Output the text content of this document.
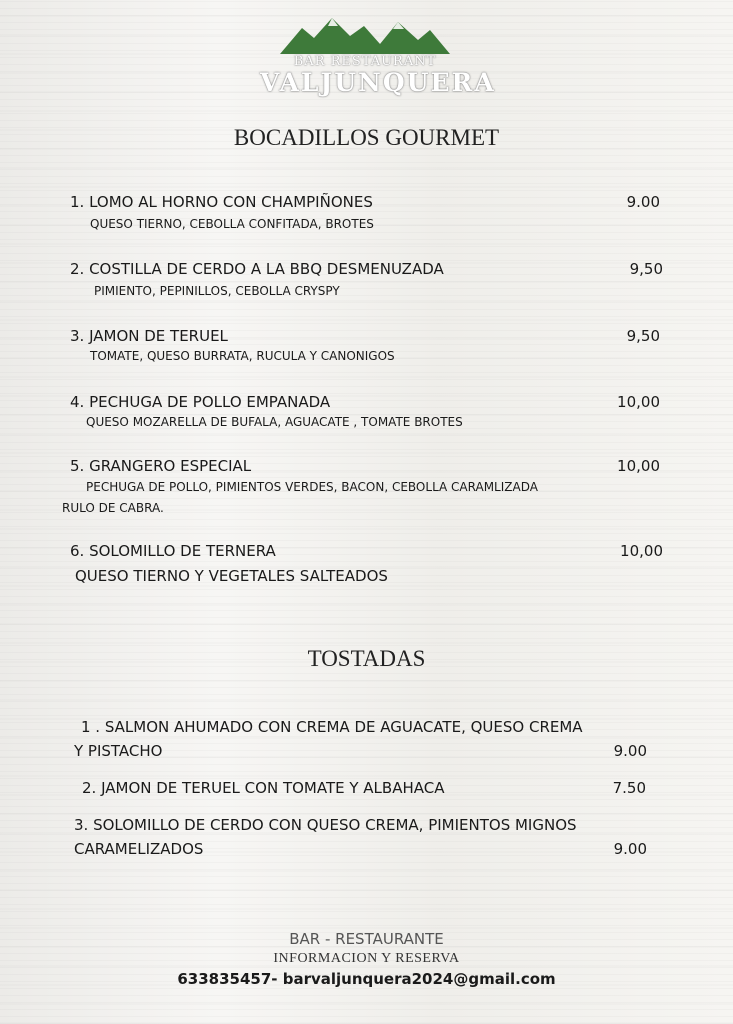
BAR RESTAURANT
VALJUNQUERA
BOCADILLOS GOURMET
1. LOMO AL HORNO CON CHAMPIÑONES	9.00
QUESO TIERNO, CEBOLLA CONFITADA, BROTES
2. COSTILLA DE CERDO A LA BBQ DESMENUZADA	9,50
PIMIENTO, PEPINILLOS, CEBOLLA CRYSPY
3. JAMON DE TERUEL	9,50
TOMATE, QUESO BURRATA, RUCULA Y CANONIGOS
4. PECHUGA DE POLLO EMPANADA	10,00
QUESO MOZARELLA DE BUFALA, AGUACATE , TOMATE BROTES
5. GRANGERO ESPECIAL	10,00
PECHUGA DE POLLO, PIMIENTOS VERDES, BACON, CEBOLLA CARAMLIZADA
RULO DE CABRA.
6. SOLOMILLO DE TERNERA	10,00
QUESO TIERNO Y VEGETALES SALTEADOS
TOSTADAS
1 . SALMON AHUMADO CON CREMA DE AGUACATE, QUESO CREMA
Y PISTACHO	9.00
2. JAMON DE TERUEL CON TOMATE Y ALBAHACA	7.50
3. SOLOMILLO DE CERDO CON QUESO CREMA, PIMIENTOS MIGNOS
CARAMELIZADOS	9.00
BAR - RESTAURANTE
INFORMACION Y RESERVA
633835457- barvaljunquera2024@gmail.com
